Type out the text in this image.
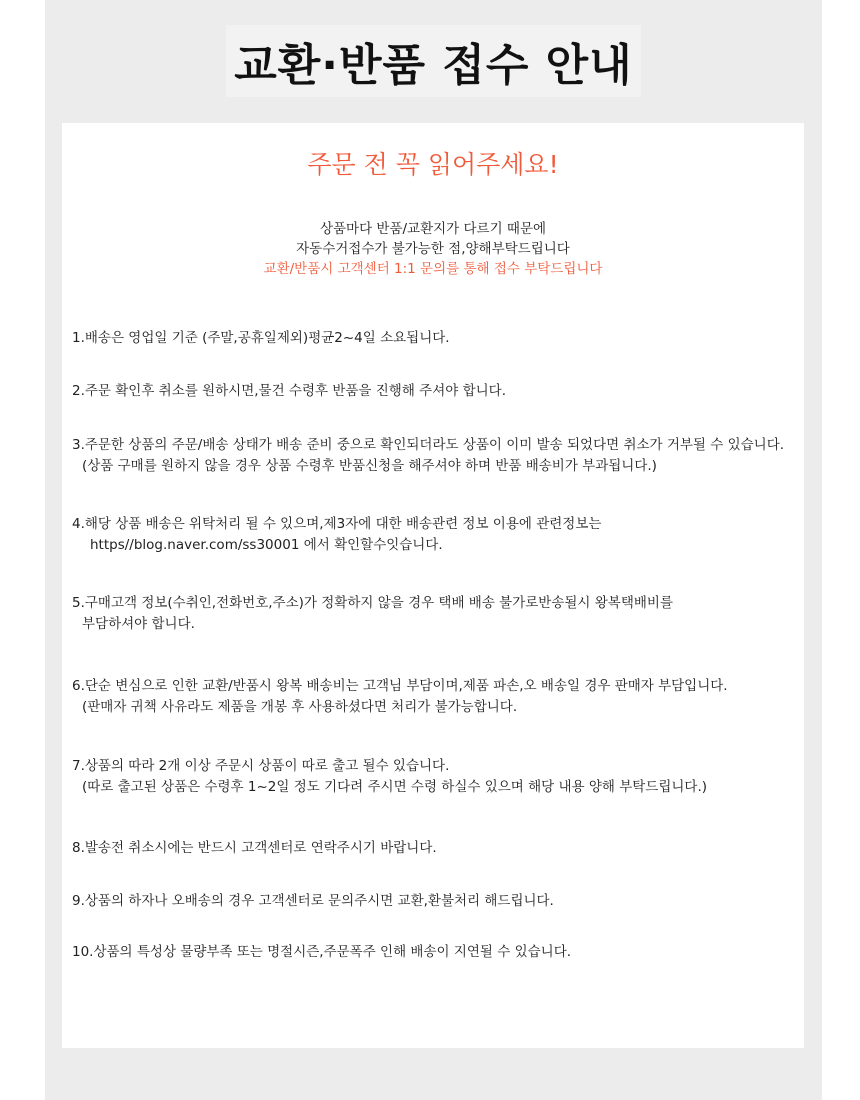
교환·반품 접수 안내
주문 전 꼭 읽어주세요!
상품마다 반품/교환지가 다르기 때문에
자동수거접수가 불가능한 점,양해부탁드립니다
교환/반품시 고객센터 1:1 문의를 통해 접수 부탁드립니다
1.배송은 영업일 기준 (주말,공휴일제외)평균2~4일 소요됩니다.
2.주문 확인후 취소를 원하시면,물건 수령후 반품을 진행해 주셔야 합니다.
3.주문한 상품의 주문/배송 상태가 배송 준비 중으로 확인되더라도 상품이 이미 발송 되었다면 취소가 거부될 수 있습니다.
(상품 구매를 원하지 않을 경우 상품 수령후 반품신청을 해주셔야 하며 반품 배송비가 부과됩니다.)
4.해당 상품 배송은 위탁처리 될 수 있으며,제3자에 대한 배송관련 정보 이용에 관련정보는
https//blog.naver.com/ss30001 에서 확인할수잇습니다.
5.구매고객 정보(수취인,전화번호,주소)가 정확하지 않을 경우 택배 배송 불가로반송될시 왕복택배비를
부담하셔야 합니다.
6.단순 변심으로 인한 교환/반품시 왕복 배송비는 고객님 부담이며,제품 파손,오 배송일 경우 판매자 부담입니다.
(판매자 귀책 사유라도 제품을 개봉 후 사용하셨다면 처리가 불가능합니다.
7.상품의 따라 2개 이상 주문시 상품이 따로 출고 될수 있습니다.
(따로 출고된 상품은 수령후 1~2일 정도 기다려 주시면 수령 하실수 있으며 해당 내용 양해 부탁드립니다.)
8.발송전 취소시에는 반드시 고객센터로 연락주시기 바랍니다.
9.상품의 하자나 오배송의 경우 고객센터로 문의주시면 교환,환불처리 해드립니다.
10.상품의 특성상 물량부족 또는 명절시즌,주문폭주 인해 배송이 지연될 수 있습니다.
